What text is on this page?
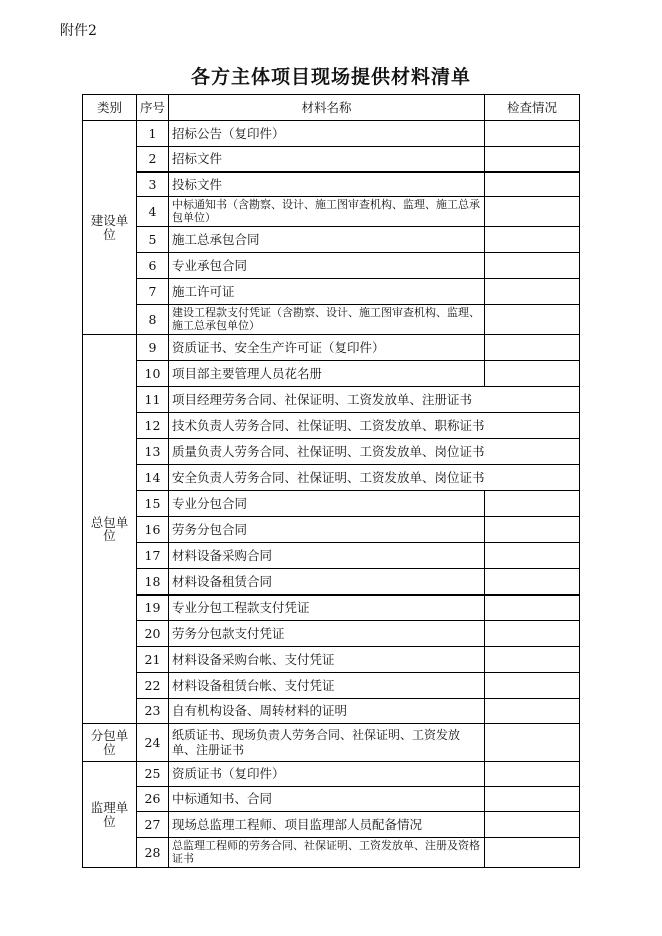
附件2
各方主体项目现场提供材料清单
类别	序号	材料名称	检查情况
建设单位	1	招标公告（复印件）	
	2	招标文件	
	3	投标文件	
	4	中标通知书（含勘察、设计、施工图审查机构、监理、施工总承包单位）	
	5	施工总承包合同	
	6	专业承包合同	
	7	施工许可证	
	8	建设工程款支付凭证（含勘察、设计、施工图审查机构、监理、施工总承包单位）	
总包单位	9	资质证书、安全生产许可证（复印件）	
	10	项目部主要管理人员花名册	
	11	项目经理劳务合同、社保证明、工资发放单、注册证书	
	12	技术负责人劳务合同、社保证明、工资发放单、职称证书	
	13	质量负责人劳务合同、社保证明、工资发放单、岗位证书	
	14	安全负责人劳务合同、社保证明、工资发放单、岗位证书	
	15	专业分包合同	
	16	劳务分包合同	
	17	材料设备采购合同	
	18	材料设备租赁合同	
	19	专业分包工程款支付凭证	
	20	劳务分包款支付凭证	
	21	材料设备采购台帐、支付凭证	
	22	材料设备租赁台帐、支付凭证	
	23	自有机构设备、周转材料的证明	
分包单位	24	纸质证书、现场负责人劳务合同、社保证明、工资发放单、注册证书	
监理单位	25	资质证书（复印件）	
	26	中标通知书、合同	
	27	现场总监理工程师、项目监理部人员配备情况	
	28	总监理工程师的劳务合同、社保证明、工资发放单、注册及资格证书	
